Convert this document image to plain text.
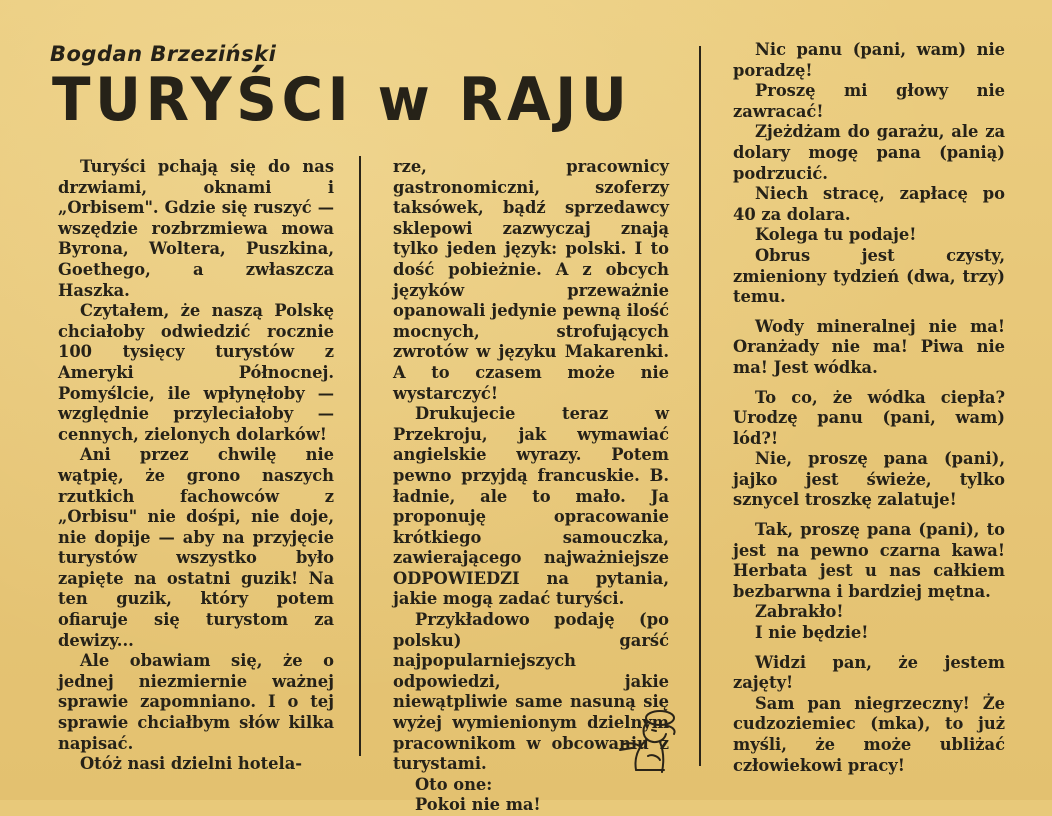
Bogdan Brzeziński
TURYŚCI w RAJU

Turyści pchają się do nas drzwiami, oknami i „Orbisem". Gdzie się ruszyć — wszędzie rozbrzmiewa mowa Byrona, Woltera, Puszkina, Goethego, a zwłaszcza Haszka.

Czytałem, że naszą Polskę chciałoby odwiedzić rocznie 100 tysięcy turystów z Ameryki Północnej. Pomyślcie, ile wpłynęłoby — względnie przyleciałoby — cennych, zielonych dolarków!

Ani przez chwilę nie wątpię, że grono naszych rzutkich fachowców z „Orbisu" nie dośpi, nie doje, nie dopije — aby na przyjęcie turystów wszystko było zapięte na ostatni guzik! Na ten guzik, który potem ofiaruje się turystom za dewizy...

Ale obawiam się, że o jednej niezmiernie ważnej sprawie zapomniano. I o tej sprawie chciałbym słów kilka napisać.

Otóż nasi dzielni hotela-

rze, pracownicy gastronomiczni, szoferzy taksówek, bądź sprzedawcy sklepowi zazwyczaj znają tylko jeden język: polski. I to dość pobieżnie. A z obcych języków przeważnie opanowali jedynie pewną ilość mocnych, strofujących zwrotów w języku Makarenki. A to czasem może nie wystarczyć!

Drukujecie teraz w Przekroju, jak wymawiać angielskie wyrazy. Potem pewno przyjdą francuskie. B. ładnie, ale to mało. Ja proponuję opracowanie krótkiego samouczka, zawierającego najważniejsze ODPOWIEDZI na pytania, jakie mogą zadać turyści.

Przykładowo podaję (po polsku) garść najpopularniejszych odpowiedzi, jakie niewątpliwie same nasuną się wyżej wymienionym dzielnym pracownikom w obcowaniu z turystami.

Oto one:

Pokoi nie ma!

Nic panu (pani, wam) nie poradzę!

Proszę mi głowy nie zawracać!

Zjeżdżam do garażu, ale za dolary mogę pana (panią) podrzucić.

Niech stracę, zapłacę po 40 za dolara.

Kolega tu podaje!

Obrus jest czysty, zmieniony tydzień (dwa, trzy) temu.

Wody mineralnej nie ma! Oranżady nie ma! Piwa nie ma! Jest wódka.

To co, że wódka ciepła? Urodzę panu (pani, wam) lód?!

Nie, proszę pana (pani), jajko jest świeże, tylko sznycel troszkę zalatuje!

Tak, proszę pana (pani), to jest na pewno czarna kawa! Herbata jest u nas całkiem bezbarwna i bardziej mętna.

Zabrakło!

I nie będzie!

Widzi pan, że jestem zajęty!

Sam pan niegrzeczny! Że cudzoziemiec (mka), to już myśli, że może ubliżać człowiekowi pracy!
